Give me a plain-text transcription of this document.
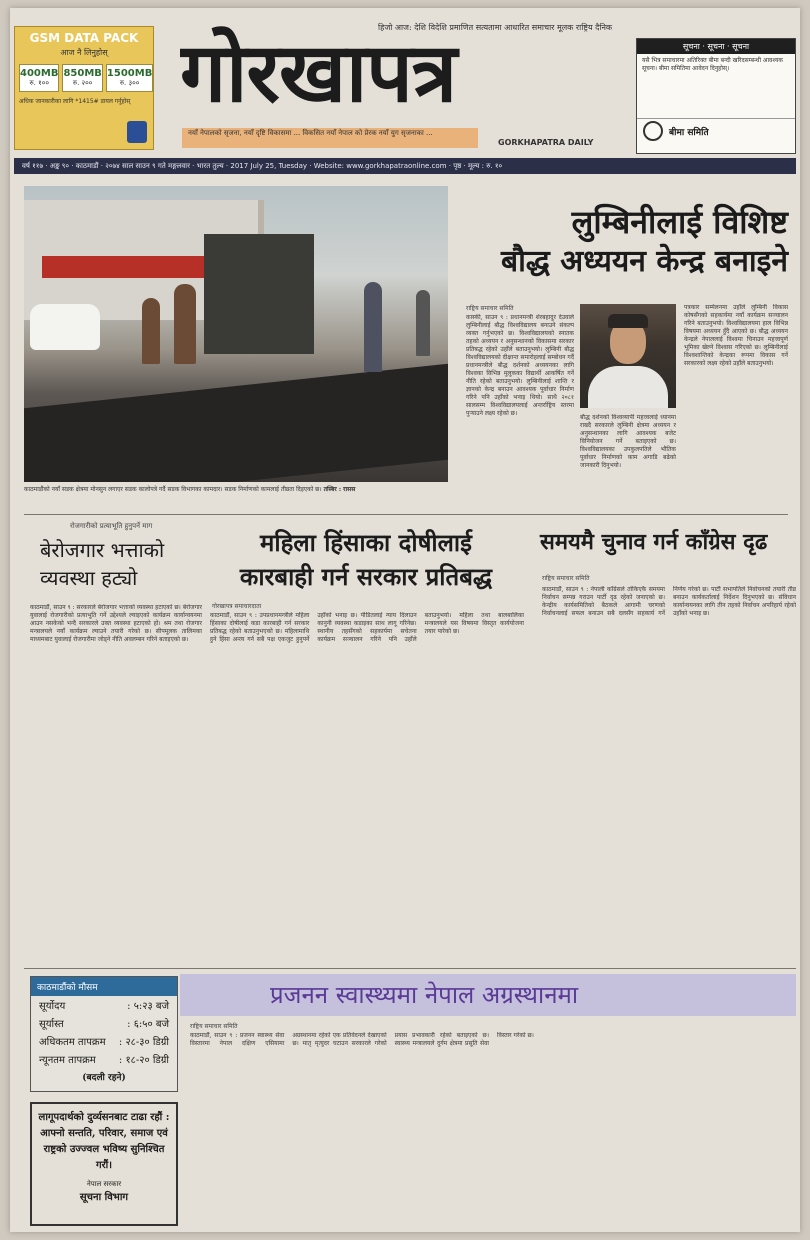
GSM DATA PACK
आज नै लिनुहोस्
400MB
रु. १००
850MB
रु. २००
1500MB
रु. ३००
अधिक जानकारीका लागि *1415# डायल गर्नुहोस्
हिजो आज: देशि विदेशि प्रमाणित सत्यतामा आधारित समाचार मूलक राष्ट्रिय दैनिक
गोरखापत्र
नयाँ नेपालको सृजना, नयाँ दृष्टि विकासमा ... विकसित नयाँ नेपाल को प्रेरक नयाँ युग सृजनाका ...
GORKHAPATRA DAILY
सूचना · सूचना · सूचना
यसै भित्र समाचारमा अतिरिक्त बीमा बन्दी खरिदसम्बन्धी आवश्यक सूचना। बीमा समितिमा आवेदन दिनुहोस्।
बीमा समिति
वर्ष ११७ · अङ्क ९० · काठमाडौं · २०७४ साल साउन ९ गते मङ्गलवार · भारत तुल्य · 2017 July 25, Tuesday · Website: www.gorkhapatraonline.com · पृष्ठ · मूल्य : रु. १०
काठमाडौंको नयाँ सडक क्षेत्रमा मोनसुन लगाएर सडक कालोपत्रे गर्दै सडक विभागका कामदार। सडक निर्माणको कामलाई तीव्रता दिइएको छ। तस्बिर : रासस
लुम्बिनीलाई विशिष्ट
बौद्ध अध्ययन केन्द्र बनाइने
राष्ट्रिय समाचार समिति
कास्की, साउन ९ : प्रधानमन्त्री शेरबहादुर देउवाले लुम्बिनीलाई बौद्ध विश्वविद्यालय बनाउने संकल्प व्यक्त गर्नुभएको छ। विश्वविद्यालयको स्नातक तहको अध्ययन र अनुसन्धानको विकासमा सरकार प्रतिबद्ध रहेको उहाँले बताउनुभयो। लुम्बिनी बौद्ध विश्वविद्यालयको दीक्षान्त समारोहलाई सम्बोधन गर्दै प्रधानमन्त्रीले बौद्ध दर्शनको अध्ययनका लागि विश्वका विभिन्न मुलुकका विद्यार्थी आकर्षित गर्ने नीति रहेको बताउनुभयो। लुम्बिनीलाई शान्ति र ज्ञानको केन्द्र बनाउन आवश्यक पूर्वाधार निर्माण गरिने पनि उहाँको भनाइ थियो। साथै २०८१ सालसम्म विश्वविद्यालयलाई अन्तर्राष्ट्रिय स्तरमा पुर्‍याउने लक्ष्य रहेको छ।
बौद्ध दर्शनको विश्वव्यापी महत्त्वलाई ध्यानमा राख्दै सरकारले लुम्बिनी क्षेत्रमा अध्ययन र अनुसन्धानका लागि आवश्यक बजेट विनियोजन गर्ने बताइएको छ। विश्वविद्यालयका उपकुलपतिले भौतिक पूर्वाधार निर्माणको काम अगाडि बढेको जानकारी दिनुभयो।
पत्रकार सम्मेलनमा उहाँले लुम्बिनी विकास कोषसँगको सहकार्यमा नयाँ कार्यक्रम सञ्चालन गरिने बताउनुभयो। विश्वविद्यालयमा हाल विभिन्न विषयमा अध्ययन हुँदै आएको छ। बौद्ध अध्ययन केन्द्रले नेपाललाई विश्वमा चिनाउन महत्त्वपूर्ण भूमिका खेल्ने विश्वास गरिएको छ। लुम्बिनीलाई विश्वशान्तिको केन्द्रका रूपमा विकास गर्ने सरकारको लक्ष्य रहेको उहाँले बताउनुभयो।
रोजगारीको प्रत्याभूति हुनुपर्ने माग
बेरोजगार भत्ताको व्यवस्था हट्यो
काठमाडौं, साउन ९ : सरकारले बेरोजगार भत्ताको व्यवस्था हटाएको छ। बेरोजगार युवालाई रोजगारीको प्रत्याभूति गर्ने उद्देश्यले ल्याइएको कार्यक्रम कार्यान्वयनमा आउन नसकेको भन्दै सरकारले उक्त व्यवस्था हटाएको हो। श्रम तथा रोजगार मन्त्रालयले नयाँ कार्यक्रम ल्याउने तयारी गरेको छ। सीपमूलक तालिमका माध्यमबाट युवालाई रोजगारीमा जोड्ने नीति अवलम्बन गरिने बताइएको छ।
महिला हिंसाका दोषीलाई
कारबाही गर्न सरकार प्रतिबद्ध
गोरखापत्र समाचारदाता
काठमाडौं, साउन ९ : उपप्रधानमन्त्रीले महिला हिंसाका दोषीलाई कडा कारबाही गर्न सरकार प्रतिबद्ध रहेको बताउनुभएको छ। महिलामाथि हुने हिंसा अन्त्य गर्न सबै पक्ष एकजुट हुनुपर्ने उहाँको भनाइ छ। पीडितलाई न्याय दिलाउन कानुनी व्यवस्था कडाइका साथ लागू गरिनेछ। स्थानीय तहसँगको सहकार्यमा सचेतना कार्यक्रम सञ्चालन गरिने पनि उहाँले बताउनुभयो। महिला तथा बालबालिका मन्त्रालयले यस विषयमा विस्तृत कार्ययोजना तयार पारेको छ।
समयमै चुनाव गर्न काँग्रेस दृढ
राष्ट्रिय समाचार समिति
काठमाडौं, साउन ९ : नेपाली काँग्रेसले तोकिएकै समयमा निर्वाचन सम्पन्न गराउन पार्टी दृढ रहेको जनाएको छ। केन्द्रीय कार्यसमितिको बैठकले आगामी चरणको निर्वाचनलाई सफल बनाउन सबै दलसँग सहकार्य गर्ने निर्णय गरेको छ। पार्टी सभापतिले निर्वाचनको तयारी तीव्र बनाउन कार्यकर्तालाई निर्देशन दिनुभएको छ। संविधान कार्यान्वयनका लागि तीन तहको निर्वाचन अपरिहार्य रहेको उहाँको भनाइ छ।
काठमाडौंको मौसम
सूर्योदय	: ५:२३ बजे
सूर्यास्त	: ६:५० बजे
अधिकतम तापक्रम : २८-३० डिग्री
न्यूनतम तापक्रम : १८-२० डिग्री
(बदली रहने)
लागूपदार्थको दुर्व्यसनबाट टाढा रहौं : आफ्नो सन्तति, परिवार, समाज एवं राष्ट्रको उज्ज्वल भविष्य सुनिश्चित गरौं।
नेपाल सरकार
सूचना विभाग
प्रजनन स्वास्थ्यमा नेपाल अग्रस्थानमा
राष्ट्रिय समाचार समिति
काठमाडौं, साउन ९ : प्रजनन स्वास्थ्य सेवा विस्तारमा नेपाल दक्षिण एसियामा अग्रस्थानमा रहेको एक प्रतिवेदनले देखाएको छ। मातृ मृत्युदर घटाउन सरकारले गरेको प्रयास प्रभावकारी रहेको बताइएको छ। स्वास्थ्य मन्त्रालयले दुर्गम क्षेत्रमा प्रसूति सेवा विस्तार गरेको छ।
